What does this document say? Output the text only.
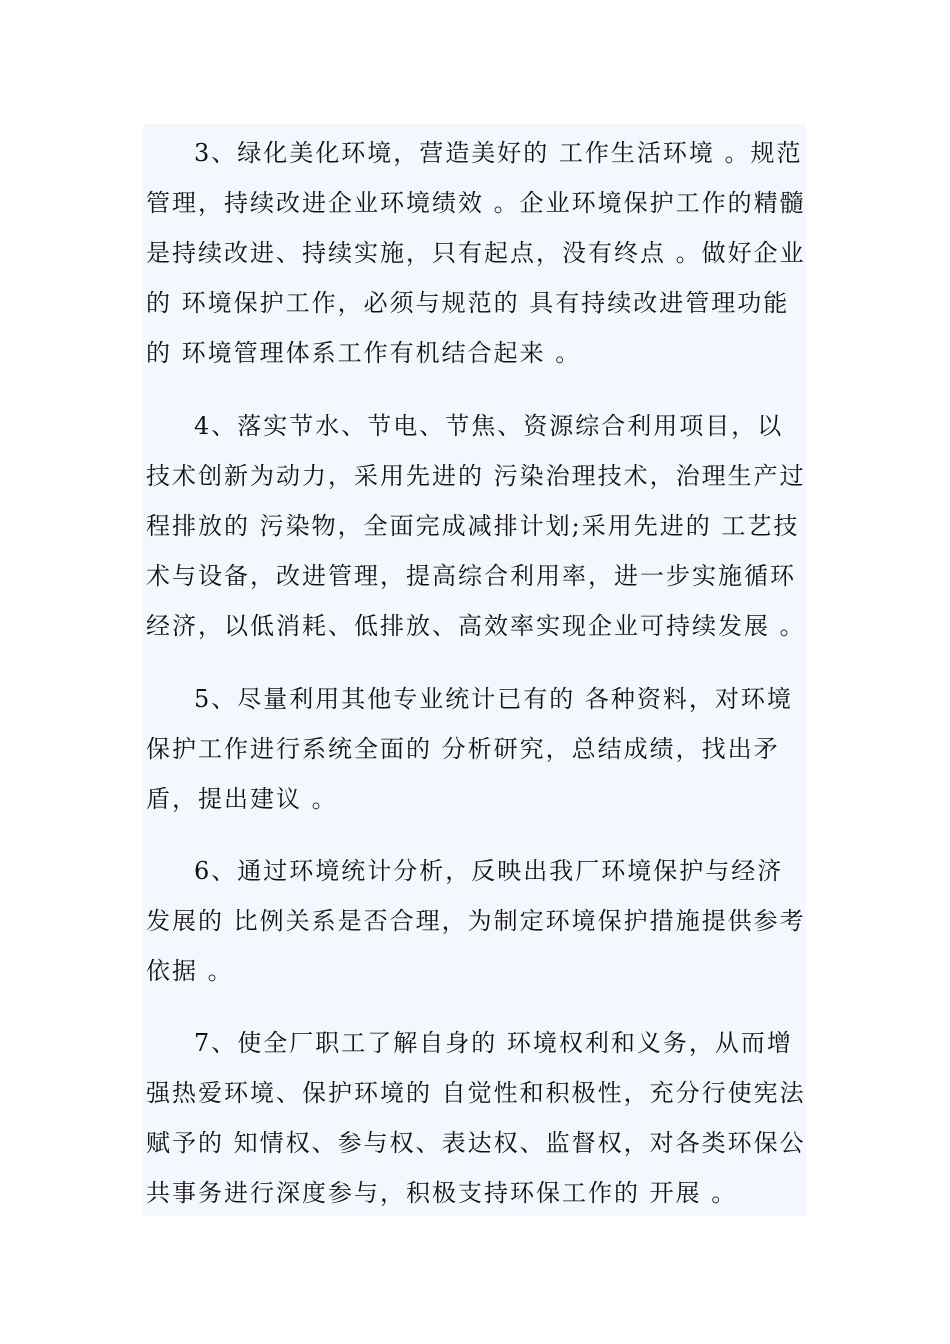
3、绿化美化环境，营造美好的 工作生活环境 。规范管理，持续改进企业环境绩效 。企业环境保护工作的精髓是持续改进、持续实施，只有起点，没有终点 。做好企业的 环境保护工作，必须与规范的 具有持续改进管理功能的 环境管理体系工作有机结合起来 。

4、落实节水、节电、节焦、资源综合利用项目，以技术创新为动力，采用先进的 污染治理技术，治理生产过程排放的 污染物，全面完成减排计划;采用先进的 工艺技术与设备，改进管理，提高综合利用率，进一步实施循环经济，以低消耗、低排放、高效率实现企业可持续发展 。

5、尽量利用其他专业统计已有的 各种资料，对环境保护工作进行系统全面的 分析研究，总结成绩，找出矛盾，提出建议 。

6、通过环境统计分析，反映出我厂环境保护与经济发展的 比例关系是否合理，为制定环境保护措施提供参考依据 。

7、使全厂职工了解自身的 环境权利和义务，从而增强热爱环境、保护环境的 自觉性和积极性，充分行使宪法赋予的 知情权、参与权、表达权、监督权，对各类环保公共事务进行深度参与，积极支持环保工作的 开展 。
